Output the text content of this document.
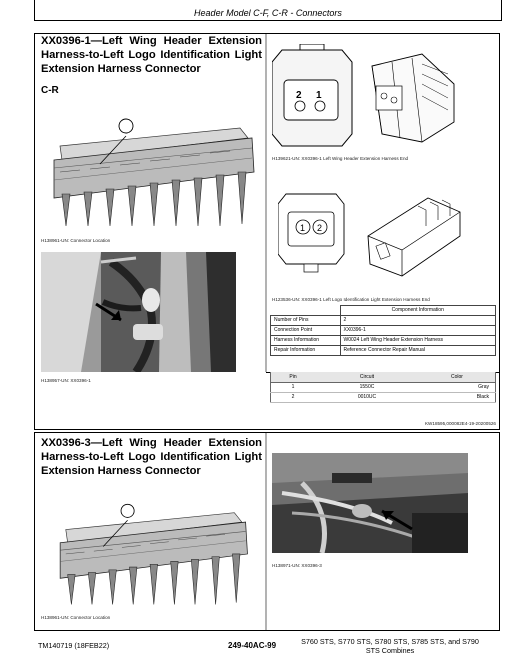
Header Model C-F, C-R - Connectors
XX0396-1—Left Wing Header Extension Harness-to-Left Logo Identification Light Extension Harness Connector
C-R
H138961-UN: Connector Location
H138957-UN: XX0396-1
2 1
H139621-UN: XX0396-1 Left Wing Header Extension Harness End
1 2
H123536-UN: XX0396-1 Left Logo Identification Light Extension Harness End
	Component Information
Number of Pins	2
Connection Point	XX0396-1
Harness Information	W0024 Left Wing Header Extension Harness
Repair Information	Reference Connector Repair Manual
Pin	Circuit	Color
1	1550C	Gray
2	0010UC	Black
KW18595,000082E4-19-20200526
XX0396-3—Left Wing Header Extension Harness-to-Left Logo Identification Light Extension Harness Connector
H138961-UN: Connector Location
H138971-UN: XX0396-3
TM140719 (18FEB22)	249-40AC-99	S760 STS, S770 STS, S780 STS, S785 STS, and S790
STS Combines
